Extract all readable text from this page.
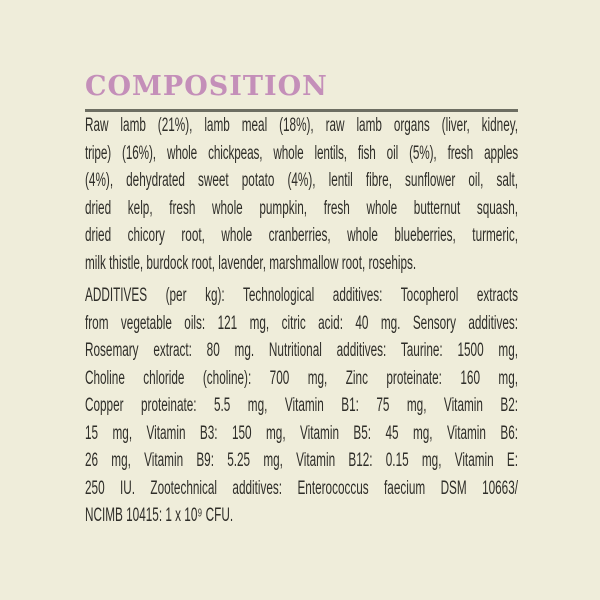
COMPOSITION
Raw lamb (21%), lamb meal (18%), raw lamb organs (liver, kidney,
tripe) (16%), whole chickpeas, whole lentils, fish oil (5%), fresh apples
(4%), dehydrated sweet potato (4%), lentil fibre, sunflower oil, salt,
dried kelp, fresh whole pumpkin, fresh whole butternut squash,
dried chicory root, whole cranberries, whole blueberries, turmeric,
milk thistle, burdock root, lavender, marshmallow root, rosehips.
ADDITIVES (per kg): Technological additives: Tocopherol extracts
from vegetable oils: 121 mg, citric acid: 40 mg. Sensory additives:
Rosemary extract: 80 mg. Nutritional additives: Taurine: 1500 mg,
Choline chloride (choline): 700 mg, Zinc proteinate: 160 mg,
Copper proteinate: 5.5 mg, Vitamin B1: 75 mg, Vitamin B2:
15 mg, Vitamin B3: 150 mg, Vitamin B5: 45 mg, Vitamin B6:
26 mg, Vitamin B9: 5.25 mg, Vitamin B12: 0.15 mg, Vitamin E:
250 IU. Zootechnical additives: Enterococcus faecium DSM 10663/
NCIMB 10415: 1 x 10⁹ CFU.
